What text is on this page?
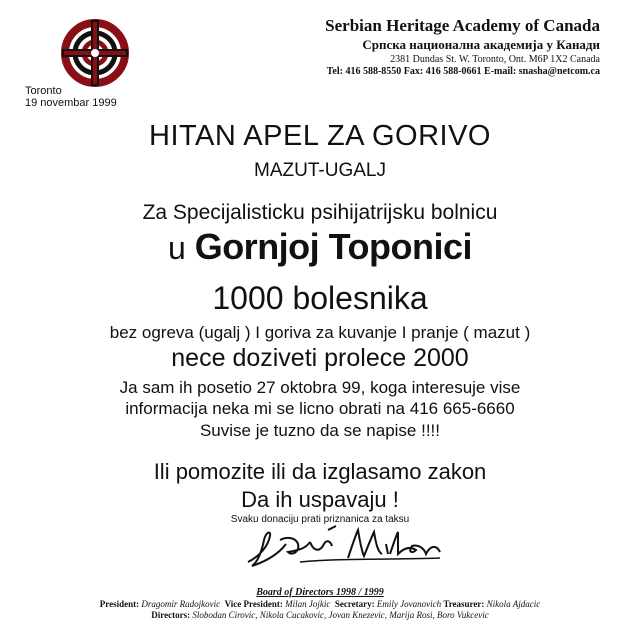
Serbian Heritage Academy of Canada
Српска национална академија у Канади
2381 Dundas St. W. Toronto, Ont. M6P 1X2 Canada
Tel: 416 588-8550 Fax: 416 588-0661 E-mail: snasha@netcom.ca
Toronto
19 novembar 1999
HITAN APEL ZA GORIVO
MAZUT-UGALJ
Za Specijalisticku psihijatrijsku bolnicu
u Gornjoj Toponici
1000 bolesnika
bez ogreva (ugalj ) I goriva za kuvanje I pranje ( mazut )
nece doziveti prolece 2000
Ja sam ih posetio 27 oktobra 99, koga interesuje vise
informacija neka mi se licno obrati na 416 665-6660
Suvise je tuzno da se napise !!!!
Ili pomozite ili da izglasamo zakon
Da ih uspavaju !
Svaku donaciju prati priznanica za taksu
Board of Directors 1998 / 1999
President: Dragomir Radojkovic Vice President: Milan Jojkic Secretary: Emily Jovanovich Treasurer: Nikola Ajdacic
Directors: Slobodan Cirovic, Nikola Cucakovic, Jovan Knezevic, Marija Rosi, Boro Vukcevic
